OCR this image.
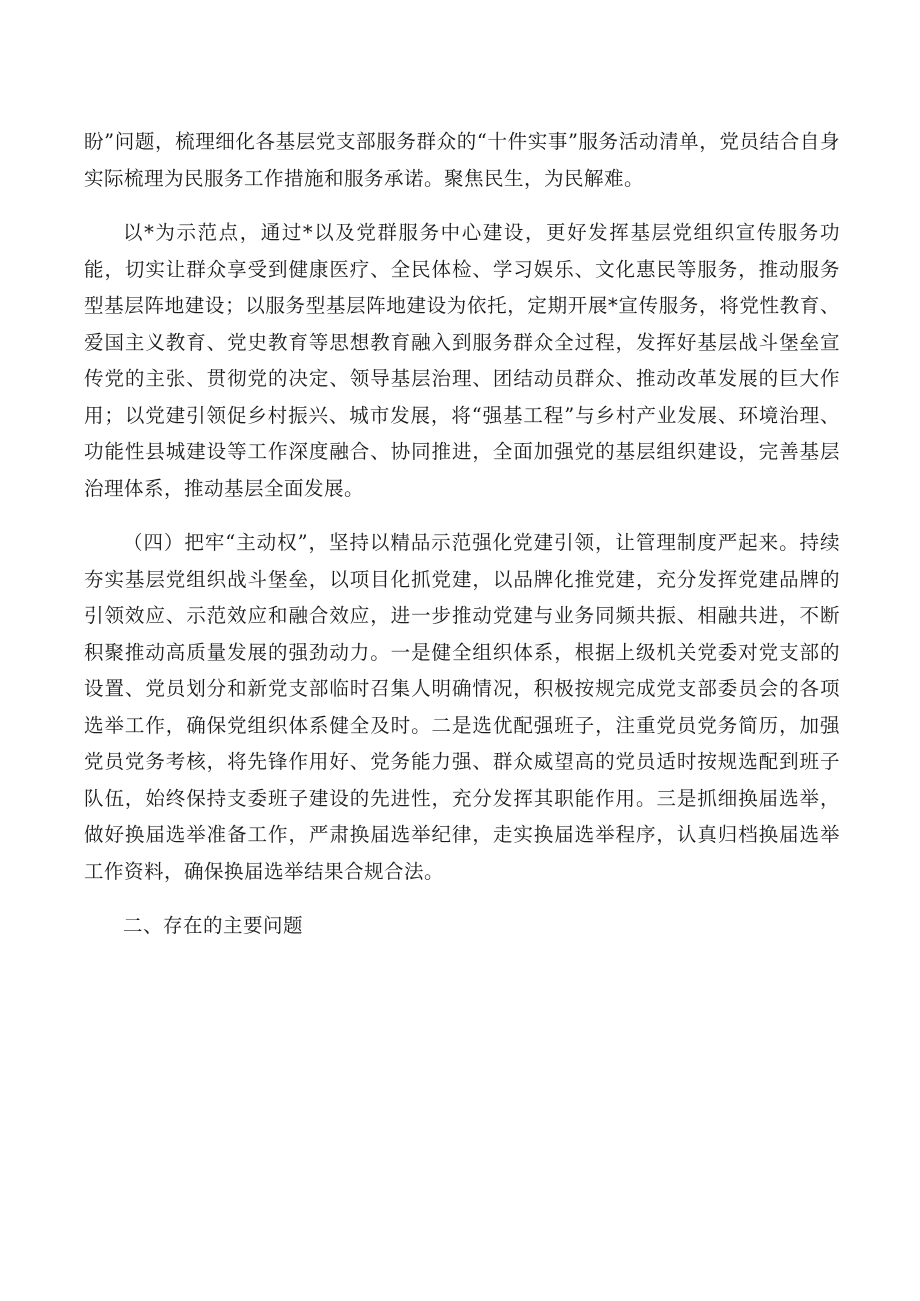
盼”问题，梳理细化各基层党支部服务群众的“十件实事”服务活动清单，党员结合自身实际梳理为民服务工作措施和服务承诺。聚焦民生，为民解难。

以*为示范点，通过*以及党群服务中心建设，更好发挥基层党组织宣传服务功能，切实让群众享受到健康医疗、全民体检、学习娱乐、文化惠民等服务，推动服务型基层阵地建设；以服务型基层阵地建设为依托，定期开展*宣传服务，将党性教育、爱国主义教育、党史教育等思想教育融入到服务群众全过程，发挥好基层战斗堡垒宣传党的主张、贯彻党的决定、领导基层治理、团结动员群众、推动改革发展的巨大作用；以党建引领促乡村振兴、城市发展，将“强基工程”与乡村产业发展、环境治理、功能性县城建设等工作深度融合、协同推进，全面加强党的基层组织建设，完善基层治理体系，推动基层全面发展。

（四）把牢“主动权”，坚持以精品示范强化党建引领，让管理制度严起来。持续夯实基层党组织战斗堡垒，以项目化抓党建，以品牌化推党建，充分发挥党建品牌的引领效应、示范效应和融合效应，进一步推动党建与业务同频共振、相融共进，不断积聚推动高质量发展的强劲动力。一是健全组织体系，根据上级机关党委对党支部的设置、党员划分和新党支部临时召集人明确情况，积极按规完成党支部委员会的各项选举工作，确保党组织体系健全及时。二是选优配强班子，注重党员党务简历，加强党员党务考核，将先锋作用好、党务能力强、群众威望高的党员适时按规选配到班子队伍，始终保持支委班子建设的先进性，充分发挥其职能作用。三是抓细换届选举，做好换届选举准备工作，严肃换届选举纪律，走实换届选举程序，认真归档换届选举工作资料，确保换届选举结果合规合法。

二、存在的主要问题
